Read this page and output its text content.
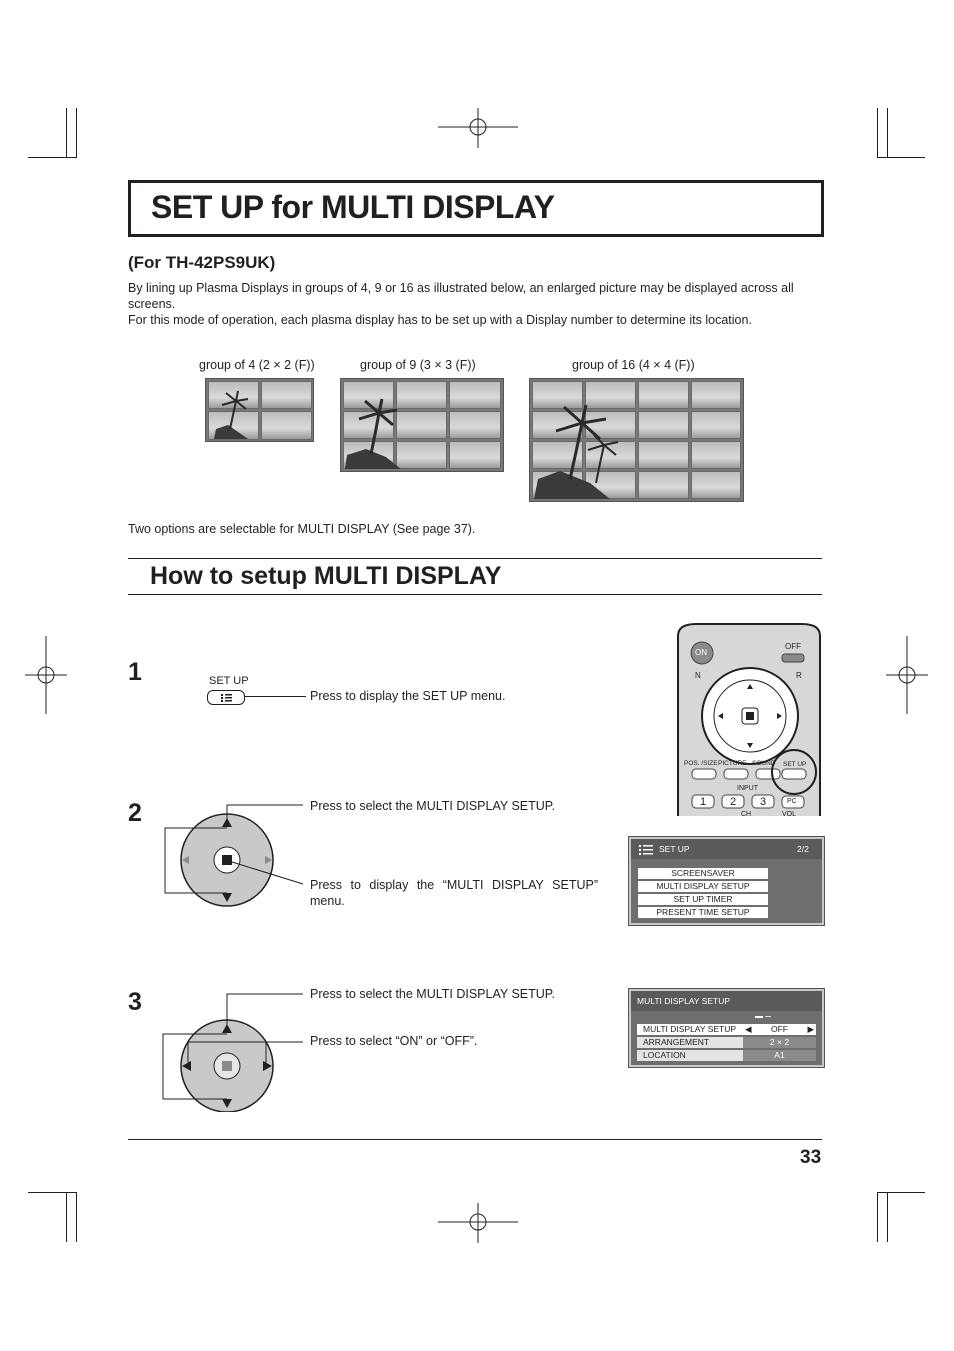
SET UP for MULTI DISPLAY
(For TH-42PS9UK)
By lining up Plasma Displays in groups of 4, 9 or 16 as illustrated below, an enlarged picture may be displayed across all screens.
For this mode of operation, each plasma display has to be set up with a Display number to determine its location.
group of 4 (2 × 2 (F))	group of 9 (3 × 3 (F))	group of 16 (4 × 4 (F))
Two options are selectable for MULTI DISPLAY (See page 37).
How to setup MULTI DISPLAY
ON
OFF
N	R
POS. /SIZE PICTURE SOUND SET UP
INPUT
1 2 3	PC
CH	VOL
1	SET UP
Press to display the SET UP menu.
2	Press to select the MULTI DISPLAY SETUP.
Press to display the “MULTI DISPLAY SETUP” menu.
SET UP	2/2
SCREENSAVER
MULTI DISPLAY SETUP
SET UP TIMER
PRESENT TIME SETUP
3	Press to select the MULTI DISPLAY SETUP.
Press to select “ON” or “OFF”.
MULTI DISPLAY SETUP
MULTI DISPLAY SETUP	◀ OFF ▶
ARRANGEMENT	2 × 2
LOCATION	A1
33
